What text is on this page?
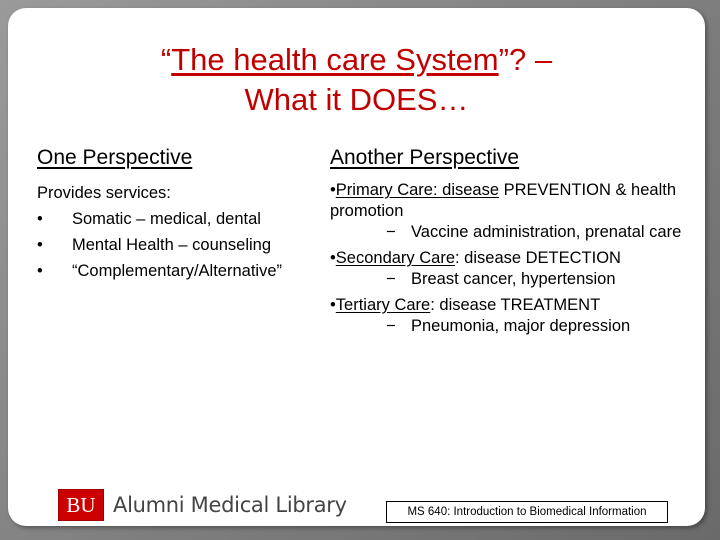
“The health care System”? –
What it DOES…
One Perspective	Another Perspective
Provides services:
•	Somatic – medical, dental
•	Mental Health – counseling
•	“Complementary/Alternative”
•Primary Care: disease PREVENTION & health promotion
− Vaccine administration, prenatal care
•Secondary Care: disease DETECTION
− Breast cancer, hypertension
•Tertiary Care: disease TREATMENT
− Pneumonia, major depression
BU Alumni Medical Library	MS 640: Introduction to Biomedical Information
